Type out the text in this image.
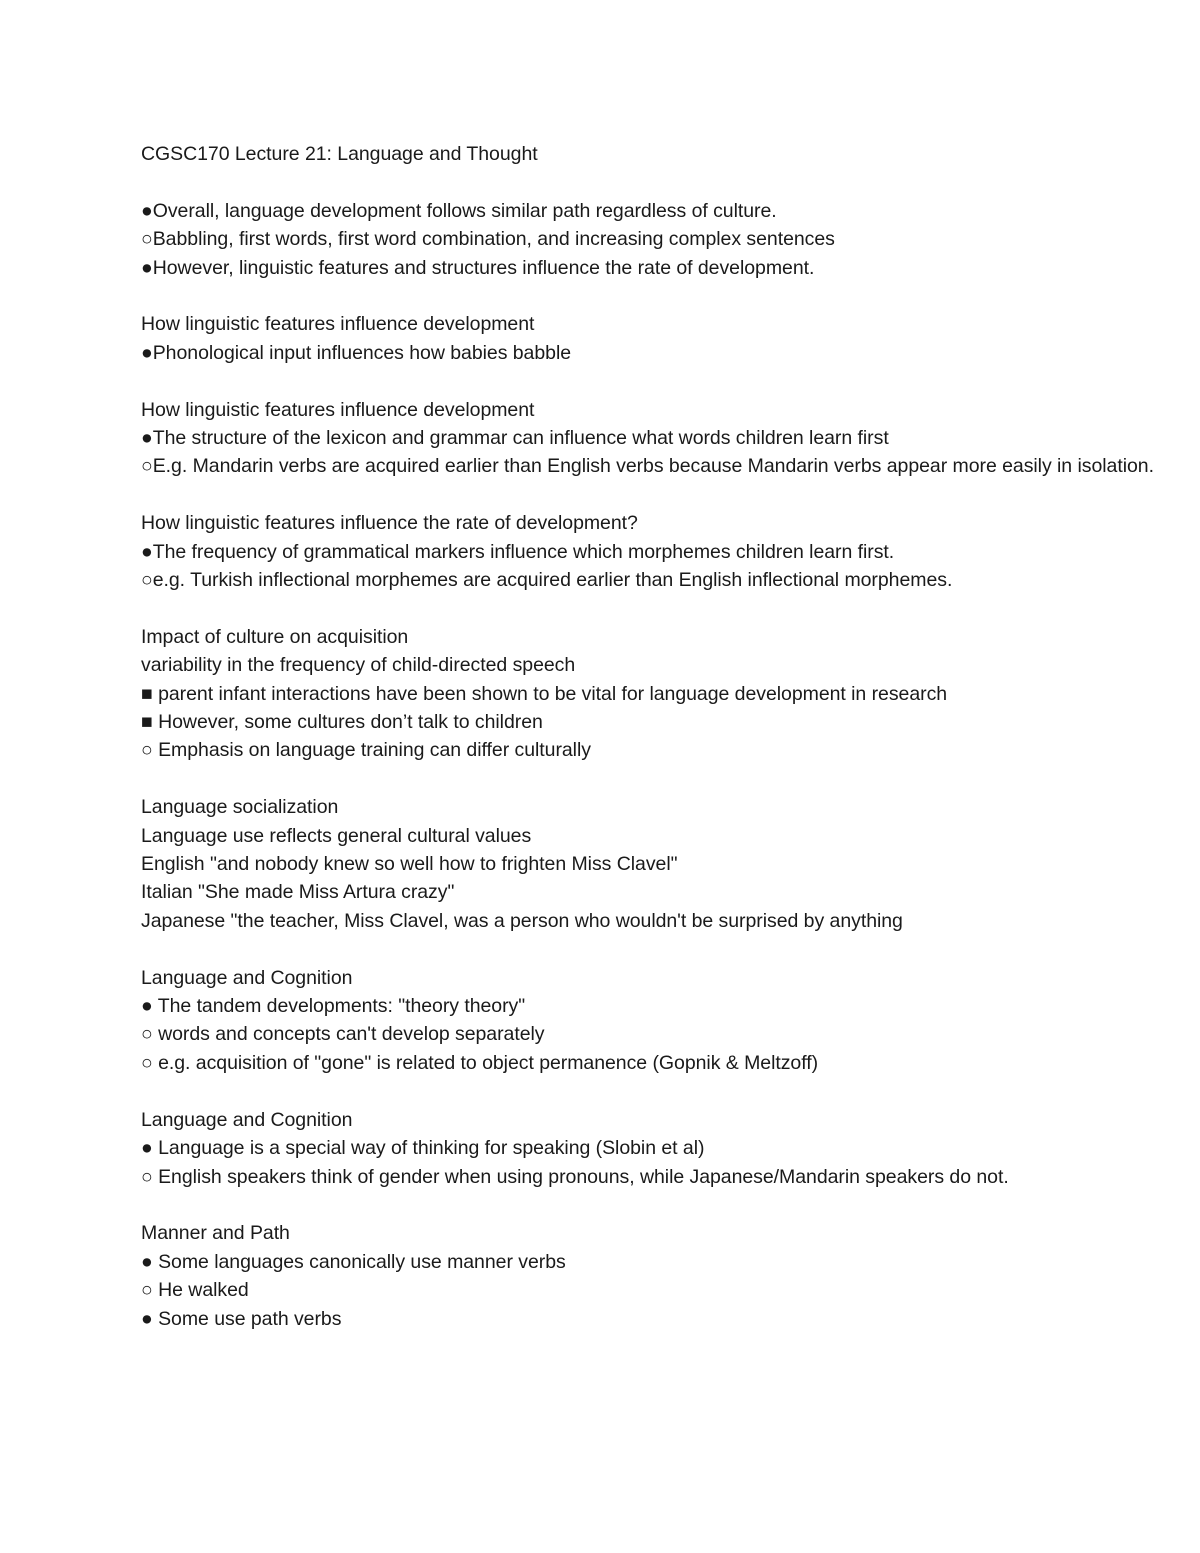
CGSC170 Lecture 21: Language and Thought

●Overall, language development follows similar path regardless of culture.

○Babbling, first words, first word combination, and increasing complex sentences

●However, linguistic features and structures influence the rate of development.

How linguistic features influence development

●Phonological input influences how babies babble

How linguistic features influence development

●The structure of the lexicon and grammar can influence what words children learn first

○E.g. Mandarin verbs are acquired earlier than English verbs because Mandarin verbs appear more easily in isolation.

How linguistic features influence the rate of development?

●The frequency of grammatical markers influence which morphemes children learn first.

○e.g. Turkish inflectional morphemes are acquired earlier than English inflectional morphemes.

Impact of culture on acquisition

variability in the frequency of child-directed speech

■ parent infant interactions have been shown to be vital for language development in research

■ However, some cultures don’t talk to children

○ Emphasis on language training can differ culturally

Language socialization

Language use reflects general cultural values

English "and nobody knew so well how to frighten Miss Clavel"

Italian "She made Miss Artura crazy"

Japanese "the teacher, Miss Clavel, was a person who wouldn't be surprised by anything

Language and Cognition

● The tandem developments: "theory theory"

○ words and concepts can't develop separately

○ e.g. acquisition of "gone" is related to object permanence (Gopnik & Meltzoff)

Language and Cognition

● Language is a special way of thinking for speaking (Slobin et al)

○ English speakers think of gender when using pronouns, while Japanese/Mandarin speakers do not.

Manner and Path

● Some languages canonically use manner verbs

○ He walked

● Some use path verbs
